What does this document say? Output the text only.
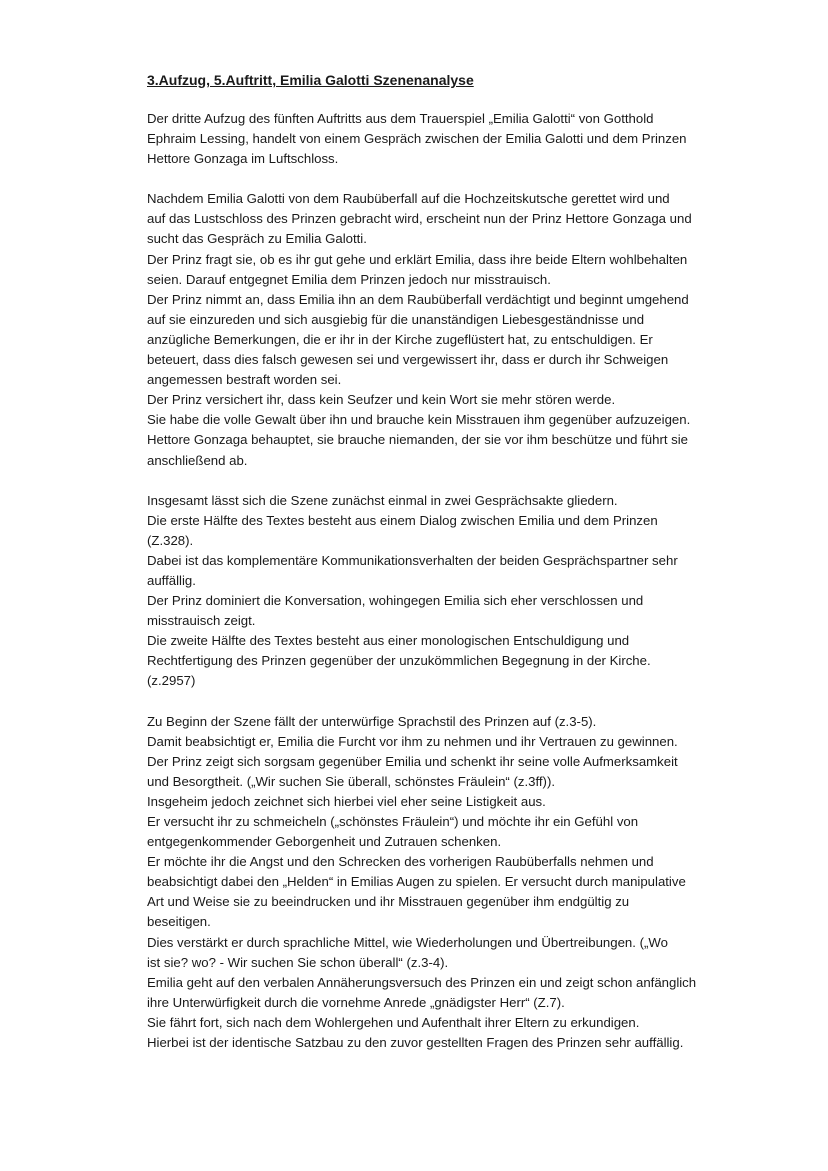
3.Aufzug, 5.Auftritt, Emilia Galotti Szenenanalyse
Der dritte Aufzug des fünften Auftritts aus dem Trauerspiel „Emilia Galotti“ von Gotthold
Ephraim Lessing, handelt von einem Gespräch zwischen der Emilia Galotti und dem Prinzen
Hettore Gonzaga im Luftschloss.
Nachdem Emilia Galotti von dem Raubüberfall auf die Hochzeitskutsche gerettet wird und
auf das Lustschloss des Prinzen gebracht wird, erscheint nun der Prinz Hettore Gonzaga und
sucht das Gespräch zu Emilia Galotti.
Der Prinz fragt sie, ob es ihr gut gehe und erklärt Emilia, dass ihre beide Eltern wohlbehalten
seien. Darauf entgegnet Emilia dem Prinzen jedoch nur misstrauisch.
Der Prinz nimmt an, dass Emilia ihn an dem Raubüberfall verdächtigt und beginnt umgehend
auf sie einzureden und sich ausgiebig für die unanständigen Liebesgeständnisse und
anzügliche Bemerkungen, die er ihr in der Kirche zugeflüstert hat, zu entschuldigen. Er
beteuert, dass dies falsch gewesen sei und vergewissert ihr, dass er durch ihr Schweigen
angemessen bestraft worden sei.
Der Prinz versichert ihr, dass kein Seufzer und kein Wort sie mehr stören werde.
Sie habe die volle Gewalt über ihn und brauche kein Misstrauen ihm gegenüber aufzuzeigen.
Hettore Gonzaga behauptet, sie brauche niemanden, der sie vor ihm beschütze und führt sie
anschließend ab.
Insgesamt lässt sich die Szene zunächst einmal in zwei Gesprächsakte gliedern.
Die erste Hälfte des Textes besteht aus einem Dialog zwischen Emilia und dem Prinzen
(Z.328).
Dabei ist das komplementäre Kommunikationsverhalten der beiden Gesprächspartner sehr
auffällig.
Der Prinz dominiert die Konversation, wohingegen Emilia sich eher verschlossen und
misstrauisch zeigt.
Die zweite Hälfte des Textes besteht aus einer monologischen Entschuldigung und
Rechtfertigung des Prinzen gegenüber der unzukömmlichen Begegnung in der Kirche.
(z.2957)
Zu Beginn der Szene fällt der unterwürfige Sprachstil des Prinzen auf (z.3-5).
Damit beabsichtigt er, Emilia die Furcht vor ihm zu nehmen und ihr Vertrauen zu gewinnen.
Der Prinz zeigt sich sorgsam gegenüber Emilia und schenkt ihr seine volle Aufmerksamkeit
und Besorgtheit. („Wir suchen Sie überall, schönstes Fräulein“ (z.3ff)).
Insgeheim jedoch zeichnet sich hierbei viel eher seine Listigkeit aus.
Er versucht ihr zu schmeicheln („schönstes Fräulein“) und möchte ihr ein Gefühl von
entgegenkommender Geborgenheit und Zutrauen schenken.
Er möchte ihr die Angst und den Schrecken des vorherigen Raubüberfalls nehmen und
beabsichtigt dabei den „Helden“ in Emilias Augen zu spielen. Er versucht durch manipulative
Art und Weise sie zu beeindrucken und ihr Misstrauen gegenüber ihm endgültig zu
beseitigen.
Dies verstärkt er durch sprachliche Mittel, wie Wiederholungen und Übertreibungen. („Wo
ist sie? wo? - Wir suchen Sie schon überall“ (z.3-4).
Emilia geht auf den verbalen Annäherungsversuch des Prinzen ein und zeigt schon anfänglich
ihre Unterwürfigkeit durch die vornehme Anrede „gnädigster Herr“ (Z.7).
Sie fährt fort, sich nach dem Wohlergehen und Aufenthalt ihrer Eltern zu erkundigen.
Hierbei ist der identische Satzbau zu den zuvor gestellten Fragen des Prinzen sehr auffällig.
